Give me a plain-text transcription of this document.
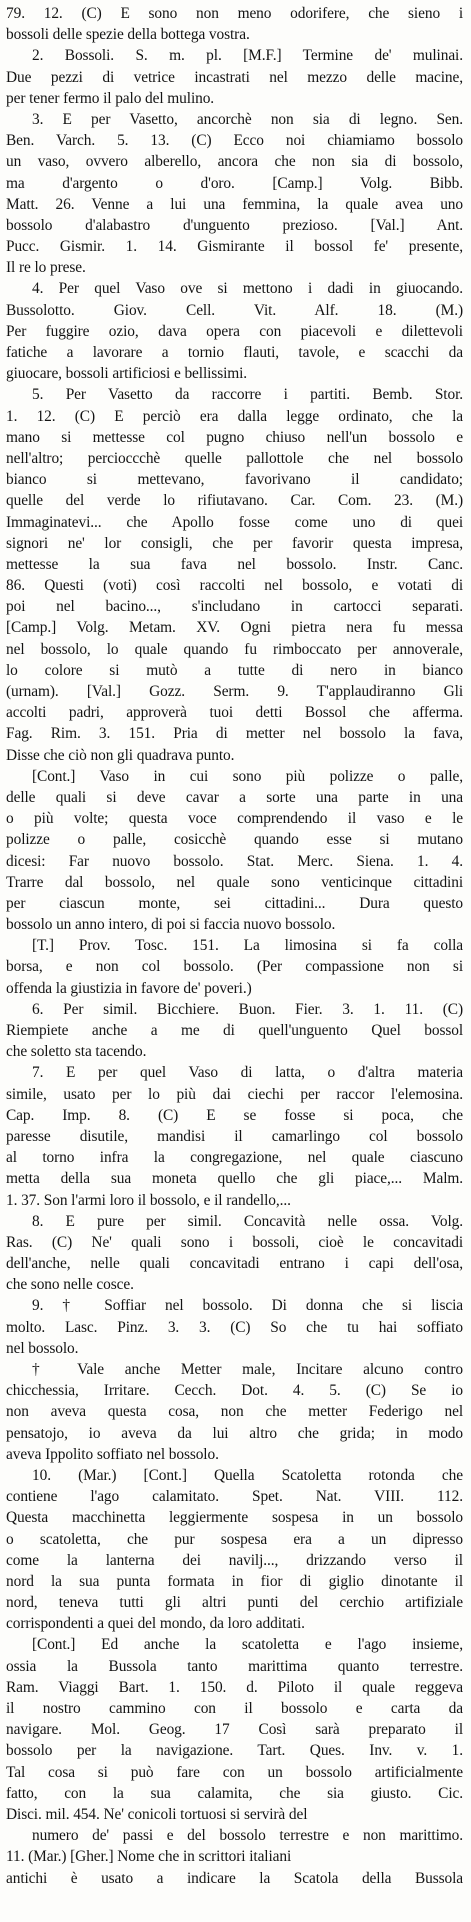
79. 12. (C) E sono non meno odorifere, che sieno i
bossoli delle spezie della bottega vostra.
2. Bossoli. S. m. pl. [M.F.] Termine de' mulinai.
Due pezzi di vetrice incastrati nel mezzo delle macine,
per tener fermo il palo del mulino.
3. E per Vasetto, ancorchè non sia di legno. Sen.
Ben. Varch. 5. 13. (C) Ecco noi chiamiamo bossolo
un vaso, ovvero alberello, ancora che non sia di bossolo,
ma d'argento o d'oro. [Camp.] Volg. Bibb.
Matt. 26. Venne a lui una femmina, la quale avea uno
bossolo d'alabastro d'unguento prezioso. [Val.] Ant.
Pucc. Gismir. 1. 14. Gismirante il bossol fe' presente,
Il re lo prese.
4. Per quel Vaso ove si mettono i dadi in giuocando.
Bussolotto. Giov. Cell. Vit. Alf. 18. (M.)
Per fuggire ozio, dava opera con piacevoli e dilettevoli
fatiche a lavorare a tornio flauti, tavole, e scacchi da
giuocare, bossoli artificiosi e bellissimi.
5. Per Vasetto da raccorre i partiti. Bemb. Stor.
1. 12. (C) E perciò era dalla legge ordinato, che la
mano si mettesse col pugno chiuso nell'un bossolo e
nell'altro; percioccchè quelle pallottole che nel bossolo
bianco si mettevano, favorivano il candidato;
quelle del verde lo rifiutavano. Car. Com. 23. (M.)
Immaginatevi... che Apollo fosse come uno di quei
signori ne' lor consigli, che per favorir questa impresa,
mettesse la sua fava nel bossolo. Instr. Canc.
86. Questi (voti) così raccolti nel bossolo, e votati di
poi nel bacino..., s'includano in cartocci separati.
[Camp.] Volg. Metam. XV. Ogni pietra nera fu messa
nel bossolo, lo quale quando fu rimboccato per annoverale,
lo colore si mutò a tutte di nero in bianco
(urnam). [Val.] Gozz. Serm. 9. T'applaudiranno Gli
accolti padri, approverà tuoi detti Bossol che afferma.
Fag. Rim. 3. 151. Pria di metter nel bossolo la fava,
Disse che ciò non gli quadrava punto.
[Cont.] Vaso in cui sono più polizze o palle,
delle quali si deve cavar a sorte una parte in una
o più volte; questa voce comprendendo il vaso e le
polizze o palle, cosicchè quando esse si mutano
dicesi: Far nuovo bossolo. Stat. Merc. Siena. 1. 4.
Trarre dal bossolo, nel quale sono venticinque cittadini
per ciascun monte, sei cittadini... Dura questo
bossolo un anno intero, di poi si faccia nuovo bossolo.
[T.] Prov. Tosc. 151. La limosina si fa colla
borsa, e non col bossolo. (Per compassione non si
offenda la giustizia in favore de' poveri.)
6. Per simil. Bicchiere. Buon. Fier. 3. 1. 11. (C)
Riempiete anche a me di quell'unguento Quel bossol
che soletto sta tacendo.
7. E per quel Vaso di latta, o d'altra materia
simile, usato per lo più dai ciechi per raccor l'elemosina.
Cap. Imp. 8. (C) E se fosse si poca, che
paresse disutile, mandisi il camarlingo col bossolo
al torno infra la congregazione, nel quale ciascuno
metta della sua moneta quello che gli piace,... Malm.
1. 37. Son l'armi loro il bossolo, e il randello,...
8. E pure per simil. Concavità nelle ossa. Volg.
Ras. (C) Ne' quali sono i bossoli, cioè le concavitadi
dell'anche, nelle quali concavitadi entrano i capi dell'osa,
che sono nelle cosce.
9. † Soffiar nel bossolo. Di donna che si liscia
molto. Lasc. Pinz. 3. 3. (C) So che tu hai soffiato
nel bossolo.
† Vale anche Metter male, Incitare alcuno contro
chicchessia, Irritare. Cecch. Dot. 4. 5. (C) Se io
non aveva questa cosa, non che metter Federigo nel
pensatojo, io aveva da lui altro che grida; in modo
aveva Ippolito soffiato nel bossolo.
10. (Mar.) [Cont.] Quella Scatoletta rotonda che
contiene l'ago calamitato. Spet. Nat. VIII. 112.
Questa macchinetta leggiermente sospesa in un bossolo
o scatoletta, che pur sospesa era a un dipresso
come la lanterna dei navilj..., drizzando verso il
nord la sua punta formata in fior di giglio dinotante il
nord, teneva tutti gli altri punti del cerchio artifiziale
corrispondenti a quei del mondo, da loro additati.
[Cont.] Ed anche la scatoletta e l'ago insieme,
ossia la Bussola tanto marittima quanto terrestre.
Ram. Viaggi Bart. 1. 150. d. Piloto il quale reggeva
il nostro cammino con il bossolo e carta da
navigare. Mol. Geog. 17 Così sarà preparato il
bossolo per la navigazione. Tart. Ques. Inv. v. 1.
Tal cosa si può fare con un bossolo artificialmente
fatto, con la sua calamita, che sia giusto. Cic.
Disci. mil. 454. Ne' conicoli tortuosi si servirà del
numero de' passi e del bossolo terrestre e non marittimo.
11. (Mar.) [Gher.] Nome che in scrittori italiani
antichi è usato a indicare la Scatola della Bussola
